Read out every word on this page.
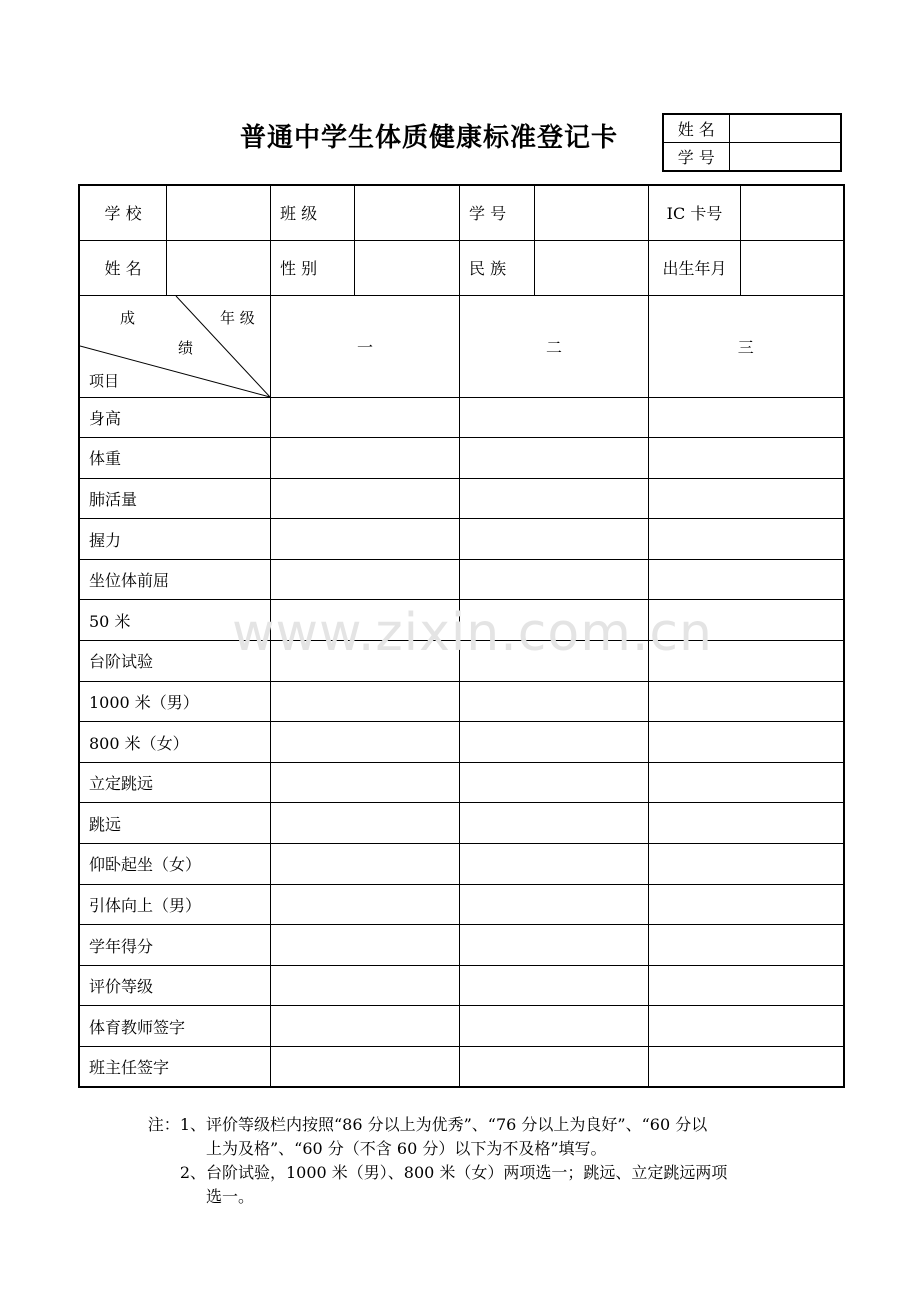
普通中学生体质健康标准登记卡	姓 名	
学 号	
学 校		班 级		学 号		IC 卡号	
姓 名		性 别		民 族		出生年月	

成
绩
年 级
项目		一		二		三	
身高							
体重							
肺活量							
握力							
坐位体前屈							
50 米							
台阶试验							
1000 米（男）							
800 米（女）							
立定跳远							
跳远							
仰卧起坐（女）							
引体向上（男）							
学年得分							
评价等级							
体育教师签字							
班主任签字							
www.zixin.com.cn
注：1、 评价等级栏内按照“86 分以上为优秀”、“76 分以上为良好”、“60 分以
上为及格”、“60 分（不含 60 分）以下为不及格”填写。
2、 台阶试验，1000 米（男）、800 米（女）两项选一；跳远、立定跳远两项
选一。
